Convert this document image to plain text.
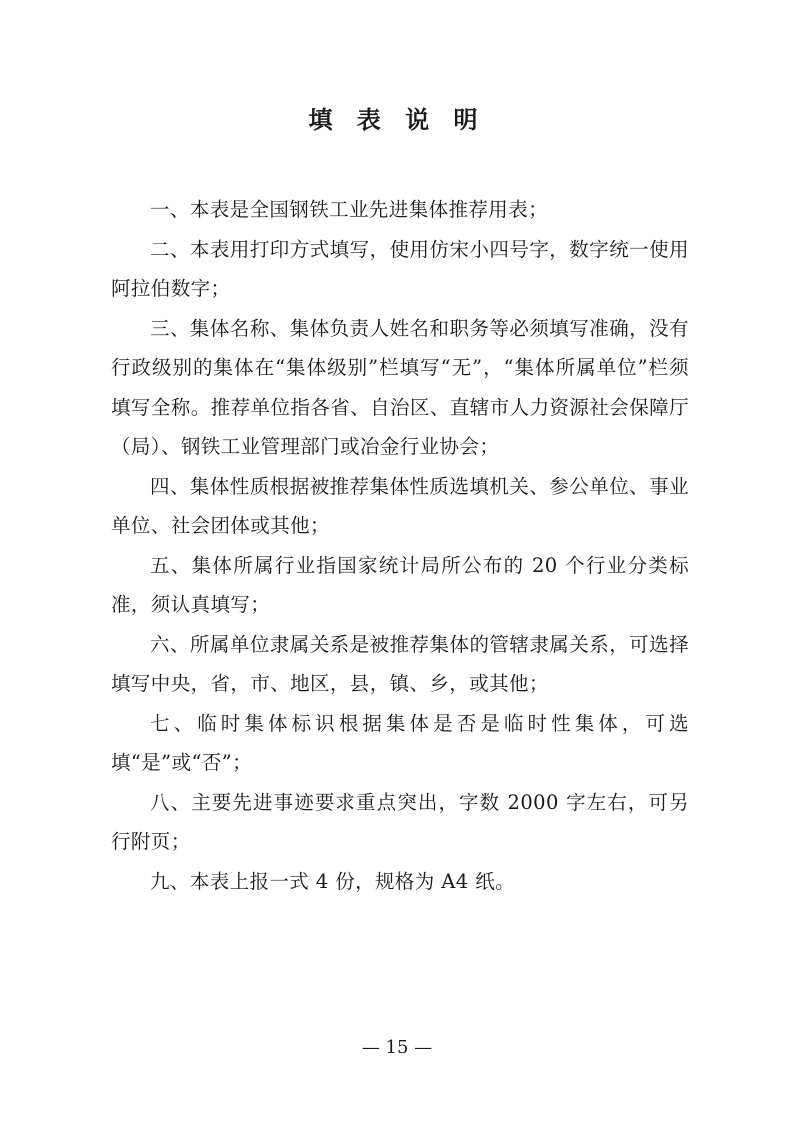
填 表 说 明

一、本表是全国钢铁工业先进集体推荐用表；

二、本表用打印方式填写，使用仿宋小四号字，数字统一使用阿拉伯数字；

三、集体名称、集体负责人姓名和职务等必须填写准确，没有行政级别的集体在“集体级别”栏填写“无”，“集体所属单位”栏须填写全称。推荐单位指各省、自治区、直辖市人力资源社会保障厅（局）、钢铁工业管理部门或冶金行业协会；

四、集体性质根据被推荐集体性质选填机关、参公单位、事业单位、社会团体或其他；

五、集体所属行业指国家统计局所公布的 20 个行业分类标准，须认真填写；

六、所属单位隶属关系是被推荐集体的管辖隶属关系，可选择填写中央，省，市、地区，县，镇、乡，或其他；

七、临时集体标识根据集体是否是临时性集体，可选填“是”或“否”；

八、主要先进事迹要求重点突出，字数 2000 字左右，可另行附页；

九、本表上报一式 4 份，规格为 A4 纸。

— 15 —
